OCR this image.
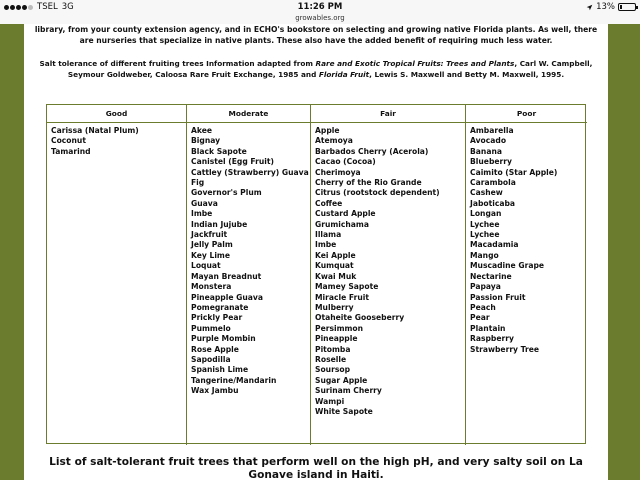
TSEL 3G	11:26 PM	13%
growables.org

library, from your county extension agency, and in ECHO's bookstore on selecting and growing native Florida plants. As well, there are nurseries that specialize in native plants. These also have the added benefit of requiring much less water.

Salt tolerance of different fruiting trees Information adapted from Rare and Exotic Tropical Fruits: Trees and Plants, Carl W. Campbell, Seymour Goldweber, Caloosa Rare Fruit Exchange, 1985 and Florida Fruit, Lewis S. Maxwell and Betty M. Maxwell, 1995.

Good
Carissa (Natal Plum)
Coconut
Tamarind
Moderate
Akee
Bignay
Black Sapote
Canistel (Egg Fruit)
Cattley (Strawberry) Guava
Fig
Governor's Plum
Guava
Imbe
Indian Jujube
Jackfruit
Jelly Palm
Key Lime
Loquat
Mayan Breadnut
Monstera
Pineapple Guava
Pomegranate
Prickly Pear
Pummelo
Purple Mombin
Rose Apple
Sapodilla
Spanish Lime
Tangerine/Mandarin
Wax Jambu
Fair
Apple
Atemoya
Barbados Cherry (Acerola)
Cacao (Cocoa)
Cherimoya
Cherry of the Rio Grande
Citrus (rootstock dependent)
Coffee
Custard Apple
Grumichama
Illama
Imbe
Kei Apple
Kumquat
Kwai Muk
Mamey Sapote
Miracle Fruit
Mulberry
Otaheite Gooseberry
Persimmon
Pineapple
Pitomba
Roselle
Soursop
Sugar Apple
Surinam Cherry
Wampi
White Sapote
Poor
Ambarella
Avocado
Banana
Blueberry
Caimito (Star Apple)
Carambola
Cashew
Jaboticaba
Longan
Lychee
Lychee
Macadamia
Mango
Muscadine Grape
Nectarine
Papaya
Passion Fruit
Peach
Pear
Plantain
Raspberry
Strawberry Tree
List of salt-tolerant fruit trees that perform well on the high pH, and very salty soil on La Gonave island in Haiti.
